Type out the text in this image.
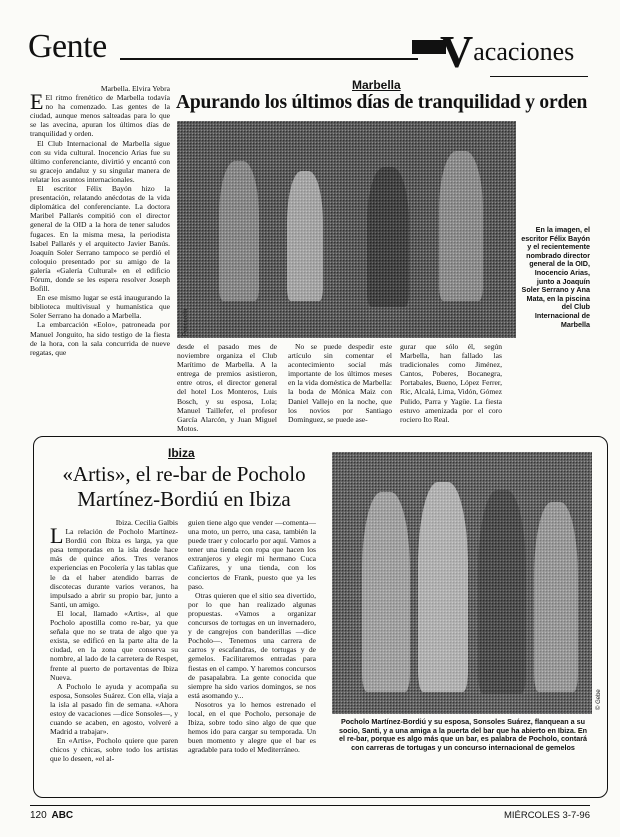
Gente	Vacaciones

Marbella. Elvira Yebra

E El ritmo frenético de Marbella todavía no ha comenzado. Las gentes de la ciudad, aunque menos salteadas para lo que se las avecina, apuran los últimos días de tranquilidad y orden.

El Club Internacional de Marbella sigue con su vida cultural. Inocencio Arias fue su último conferenciante, divirtió y encantó con su gracejo andaluz y su singular manera de relatar los asuntos internacionales.

El escritor Félix Bayón hizo la presentación, relatando anécdotas de la vida diplomática del conferenciante. La doctora Maribel Pallarés compitió con el director general de la OID a la hora de tener saludos fugaces. En la misma mesa, la periodista Isabel Pallarés y el arquitecto Javier Banús. Joaquín Soler Serrano tampoco se perdió el coloquio presentado por su amigo de la galería «Galería Cultural» en el edificio Fórum, donde se les espera resolver Joseph Bofill.

En ese mismo lugar se está inaugurando la biblioteca multivisual y humanística que Soler Serrano ha donado a Marbella.

La embarcación «Eolo», patroneada por Manuel Jonguito, ha sido testigo de la fiesta de la hora, con la sala concurrida de nueve regatas, que

Marbella
Apurando los últimos días de tranquilidad y orden
Pericurela
En la imagen, el escritor Félix Bayón y el recientemente nombrado director general de la OID, Inocencio Arias, junto a Joaquín Soler Serrano y Ana Mata, en la piscina del Club Internacional de Marbella

desde el pasado mes de noviembre organiza el Club Marítimo de Marbella. A la entrega de premios asistieron, entre otros, el director general del hotel Los Monteros, Luis Bosch, y su esposa, Lola; Manuel Taillefer, el profesor García Alarcón, y Juan Miguel Motos.

No se puede despedir este artículo sin comentar el acontecimiento social más importante de los últimos meses en la vida doméstica de Marbella: la boda de Mónica Maiz con Daniel Vallejo en la noche, que los novios por Santiago Domínguez, se puede ase-

gurar que sólo él, según Marbella, han fallado las tradicionales como Jiménez, Cantos, Poberes, Bocanegra, Portabales, Bueno, López Ferrer, Ric, Alcalá, Lima, Vidón, Gómez Pulido, Parra y Yagüe. La fiesta estuvo amenizada por el coro rociero Ito Real.

Ibiza
«Artis», el re-bar de Pocholo Martínez-Bordiú en Ibiza

Ibiza. Cecilia Galbis

L La relación de Pocholo Martínez-Bordiú con Ibiza es larga, ya que pasa temporadas en la isla desde hace más de quince años. Tres veranos experiencias en Pocolería y las tablas que le da el haber atendido barras de discotecas durante varios veranos, ha impulsado a abrir su propio bar, junto a Santi, un amigo.

El local, llamado «Artis», al que Pocholo apostilla como re-bar, ya que señala que no se trata de algo que ya exista, se edificó en la parte alta de la ciudad, en la zona que conserva su nombre, al lado de la carretera de Respet, frente al puerto de portaventas de Ibiza Nueva.

A Pocholo le ayuda y acompaña su esposa, Sonsoles Suárez. Con ella, viaja a la isla al pasado fin de semana. «Ahora estoy de vacaciones —dice Sonsoles—, y cuando se acaben, en agosto, volveré a Madrid a trabajar».

En «Artis», Pocholo quiere que paren chicos y chicas, sobre todo los artistas que lo deseen, «el al-

guien tiene algo que vender —comenta— una moto, un perro, una casa, también la puede traer y colocarlo por aquí. Vamos a tener una tienda con ropa que hacen los extranjeros y elegir mi hermano Cuca Cañizares, y una tienda, con los conciertos de Frank, puesto que ya les paso.

Otras quieren que el sitio sea divertido, por lo que han realizado algunas propuestas. «Vamos a organizar concursos de tortugas en un invernadero, y de cangrejos con banderillas —dice Pocholo—. Tenemos una carrera de carros y escafandras, de tortugas y de gemelos. Facilitaremos entradas para fiestas en el campo. Y haremos concursos de pasapalabra. La gente conocida que siempre ha sido varios domingos, se nos está asomando y...

Nosotros ya lo hemos estrenado el local, en el que Pocholo, personaje de Ibiza, sobre todo sino algo de que que hemos ido para cargar su temporada. Un buen momento y alegre que el bar es agradable para todo el Mediterráneo.

© Gebe
Pocholo Martínez-Bordiú y su esposa, Sonsoles Suárez, flanquean a su socio, Santi, y a una amiga a la puerta del bar que ha abierto en Ibiza. En el re-bar, porque es algo más que un bar, es palabra de Pocholo, contará con carreras de tortugas y un concurso internacional de gemelos
120 ABC	MIÉRCOLES 3-7-96
